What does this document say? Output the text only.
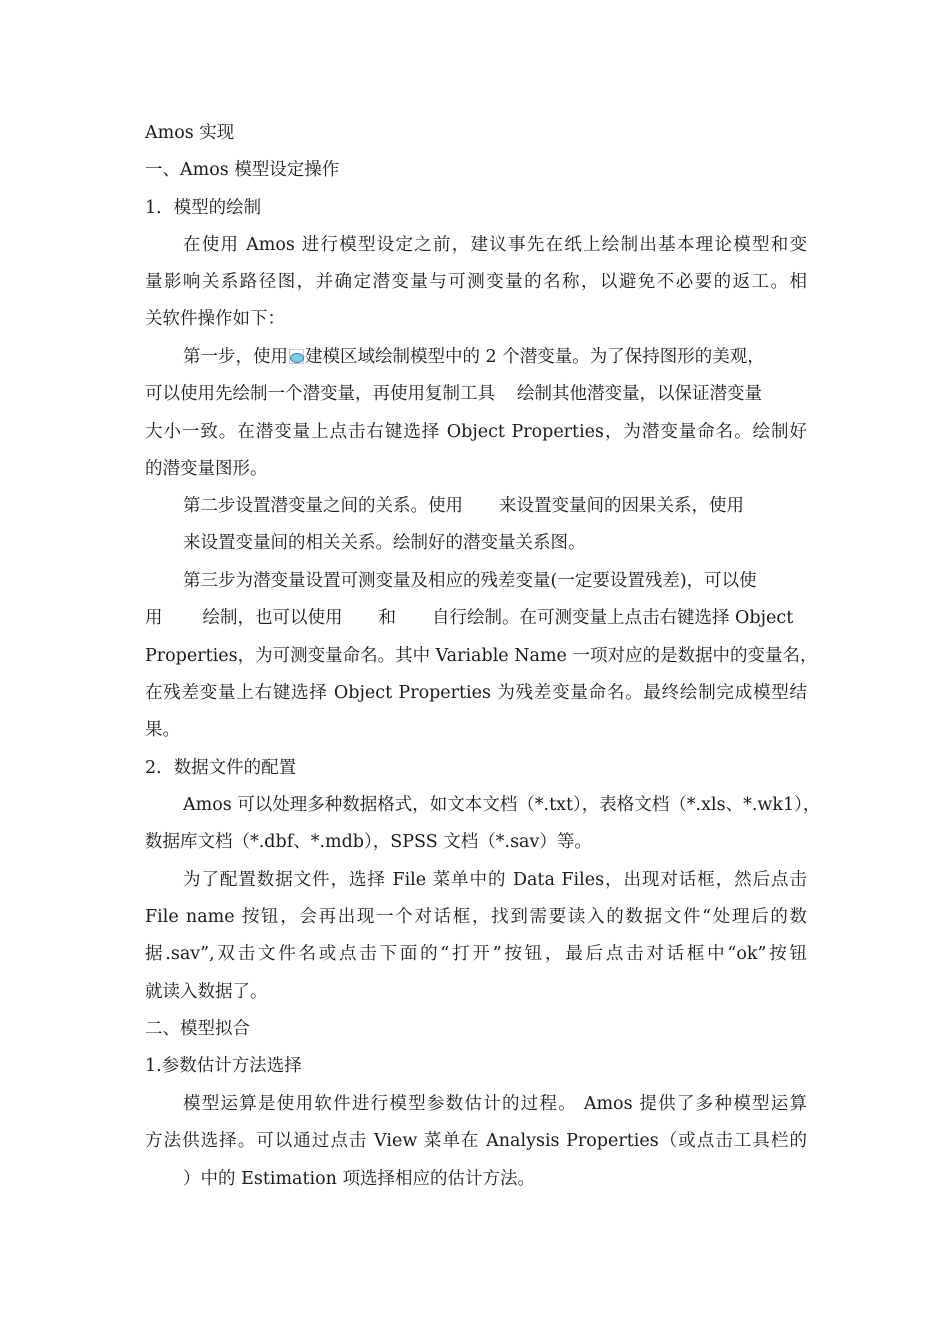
Amos 实现
一、Amos 模型设定操作
1．模型的绘制
在使用 Amos 进行模型设定之前，建议事先在纸上绘制出基本理论模型和变
量影响关系路径图，并确定潜变量与可测变量的名称，以避免不必要的返工。相
关软件操作如下：
第一步，使用 建模区域绘制模型中的 2 个潜变量。为了保持图形的美观，
可以使用先绘制一个潜变量，再使用复制工具 绘制其他潜变量，以保证潜变量
大小一致。在潜变量上点击右键选择 Object Properties，为潜变量命名。绘制好
的潜变量图形。
第二步设置潜变量之间的关系。使用 来设置变量间的因果关系，使用
来设置变量间的相关关系。绘制好的潜变量关系图。
第三步为潜变量设置可测变量及相应的残差变量(一定要设置残差)，可以使
用 绘制，也可以使用 和 自行绘制。在可测变量上点击右键选择 Object
Properties，为可测变量命名。其中 Variable Name 一项对应的是数据中的变量名，
在残差变量上右键选择 Object Properties 为残差变量命名。最终绘制完成模型结
果。
2．数据文件的配置
Amos 可以处理多种数据格式，如文本文档（*.txt），表格文档（*.xls、*.wk1），
数据库文档（*.dbf、*.mdb），SPSS 文档（*.sav）等。
为了配置数据文件，选择 File 菜单中的 Data Files，出现对话框，然后点击
File name 按钮，会再出现一个对话框，找到需要读入的数据文件“处理后的数
据.sav”,双击文件名或点击下面的“打开”按钮，最后点击对话框中“ok”按钮
就读入数据了。
二、模型拟合
1.参数估计方法选择
模型运算是使用软件进行模型参数估计的过程。 Amos 提供了多种模型运算
方法供选择。可以通过点击 View 菜单在 Analysis Properties（或点击工具栏的
）中的 Estimation 项选择相应的估计方法。
